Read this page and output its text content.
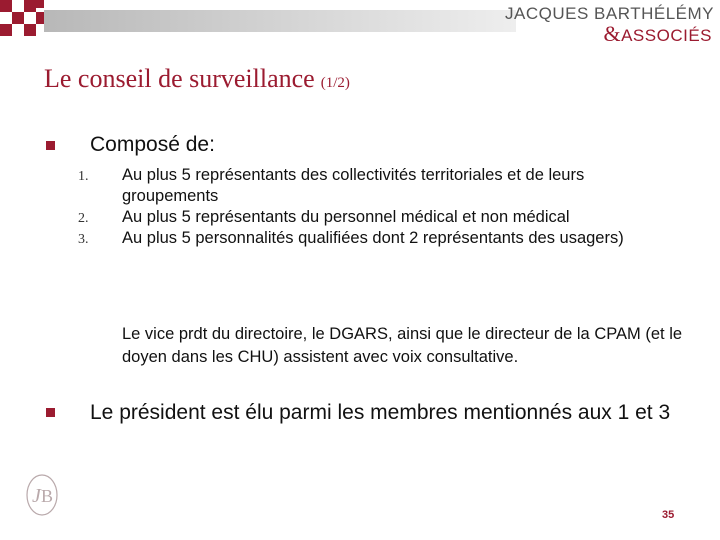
JACQUES BARTHÉLÉMY
&ASSOCIÉS
Le conseil de surveillance (1/2)
Composé de:
1. Au plus 5 représentants des collectivités territoriales et de leurs groupements
2. Au plus 5 représentants du personnel médical et non médical
3. Au plus 5 personnalités qualifiées dont 2 représentants des usagers)
Le vice prdt du directoire, le DGARS, ainsi que le directeur de la CPAM (et le doyen dans les CHU) assistent avec voix consultative.
Le président est élu parmi les membres mentionnés aux 1 et 3
J B
35
